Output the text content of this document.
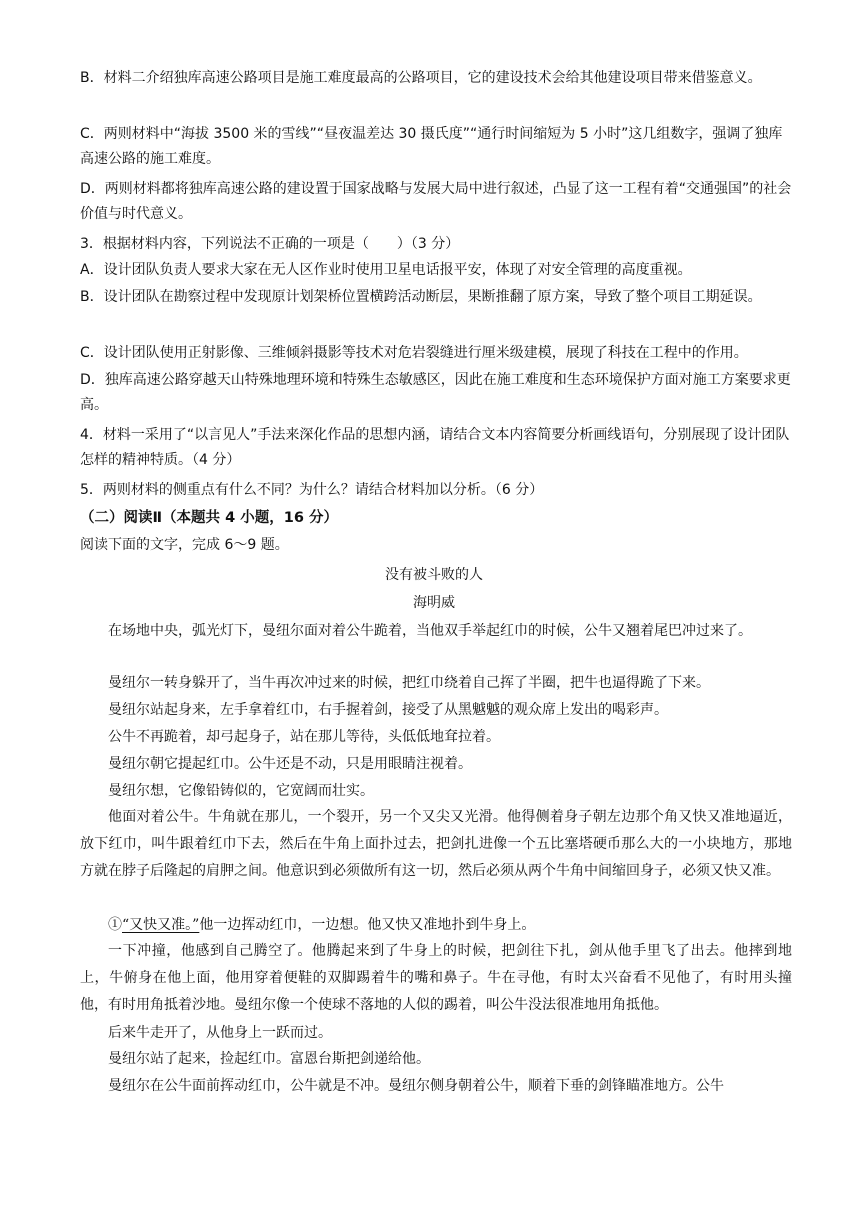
B．材料二介绍独库高速公路项目是施工难度最高的公路项目，它的建设技术会给其他建设项目带来借鉴意义。

C．两则材料中“海拔 3500 米的雪线”“昼夜温差达 30 摄氏度”“通行时间缩短为 5 小时”这几组数字，强调了独库高速公路的施工难度。

D．两则材料都将独库高速公路的建设置于国家战略与发展大局中进行叙述，凸显了这一工程有着“交通强国”的社会价值与时代意义。

3．根据材料内容，下列说法不正确的一项是（　　）（3 分）

A．设计团队负责人要求大家在无人区作业时使用卫星电话报平安，体现了对安全管理的高度重视。

B．设计团队在勘察过程中发现原计划架桥位置横跨活动断层，果断推翻了原方案，导致了整个项目工期延误。

C．设计团队使用正射影像、三维倾斜摄影等技术对危岩裂缝进行厘米级建模，展现了科技在工程中的作用。

D．独库高速公路穿越天山特殊地理环境和特殊生态敏感区，因此在施工难度和生态环境保护方面对施工方案要求更高。

4．材料一采用了“以言见人”手法来深化作品的思想内涵，请结合文本内容简要分析画线语句，分别展现了设计团队怎样的精神特质。（4 分）

5．两则材料的侧重点有什么不同？为什么？请结合材料加以分析。（6 分）

（二）阅读Ⅱ（本题共 4 小题，16 分）

阅读下面的文字，完成 6～9 题。

没有被斗败的人

海明威

在场地中央，弧光灯下，曼纽尔面对着公牛跪着，当他双手举起红巾的时候，公牛又翘着尾巴冲过来了。

曼纽尔一转身躲开了，当牛再次冲过来的时候，把红巾绕着自己挥了半圈，把牛也逼得跪了下来。

曼纽尔站起身来，左手拿着红巾，右手握着剑，接受了从黑魆魆的观众席上发出的喝彩声。

公牛不再跪着，却弓起身子，站在那儿等待，头低低地耷拉着。

曼纽尔朝它提起红巾。公牛还是不动，只是用眼睛注视着。

曼纽尔想，它像铅铸似的，它宽阔而壮实。

他面对着公牛。牛角就在那儿，一个裂开，另一个又尖又光滑。他得侧着身子朝左边那个角又快又准地逼近，放下红巾，叫牛跟着红巾下去，然后在牛角上面扑过去，把剑扎进像一个五比塞塔硬币那么大的一小块地方，那地方就在脖子后隆起的肩胛之间。他意识到必须做所有这一切，然后必须从两个牛角中间缩回身子，必须又快又准。

①“又快又准。”他一边挥动红巾，一边想。他又快又准地扑到牛身上。

一下冲撞，他感到自己腾空了。他腾起来到了牛身上的时候，把剑往下扎，剑从他手里飞了出去。他摔到地上，牛俯身在他上面，他用穿着便鞋的双脚踢着牛的嘴和鼻子。牛在寻他，有时太兴奋看不见他了，有时用头撞他，有时用角抵着沙地。曼纽尔像一个使球不落地的人似的踢着，叫公牛没法很准地用角抵他。

后来牛走开了，从他身上一跃而过。

曼纽尔站了起来，捡起红巾。富恩台斯把剑递给他。

曼纽尔在公牛面前挥动红巾，公牛就是不冲。曼纽尔侧身朝着公牛，顺着下垂的剑锋瞄准地方。公牛
